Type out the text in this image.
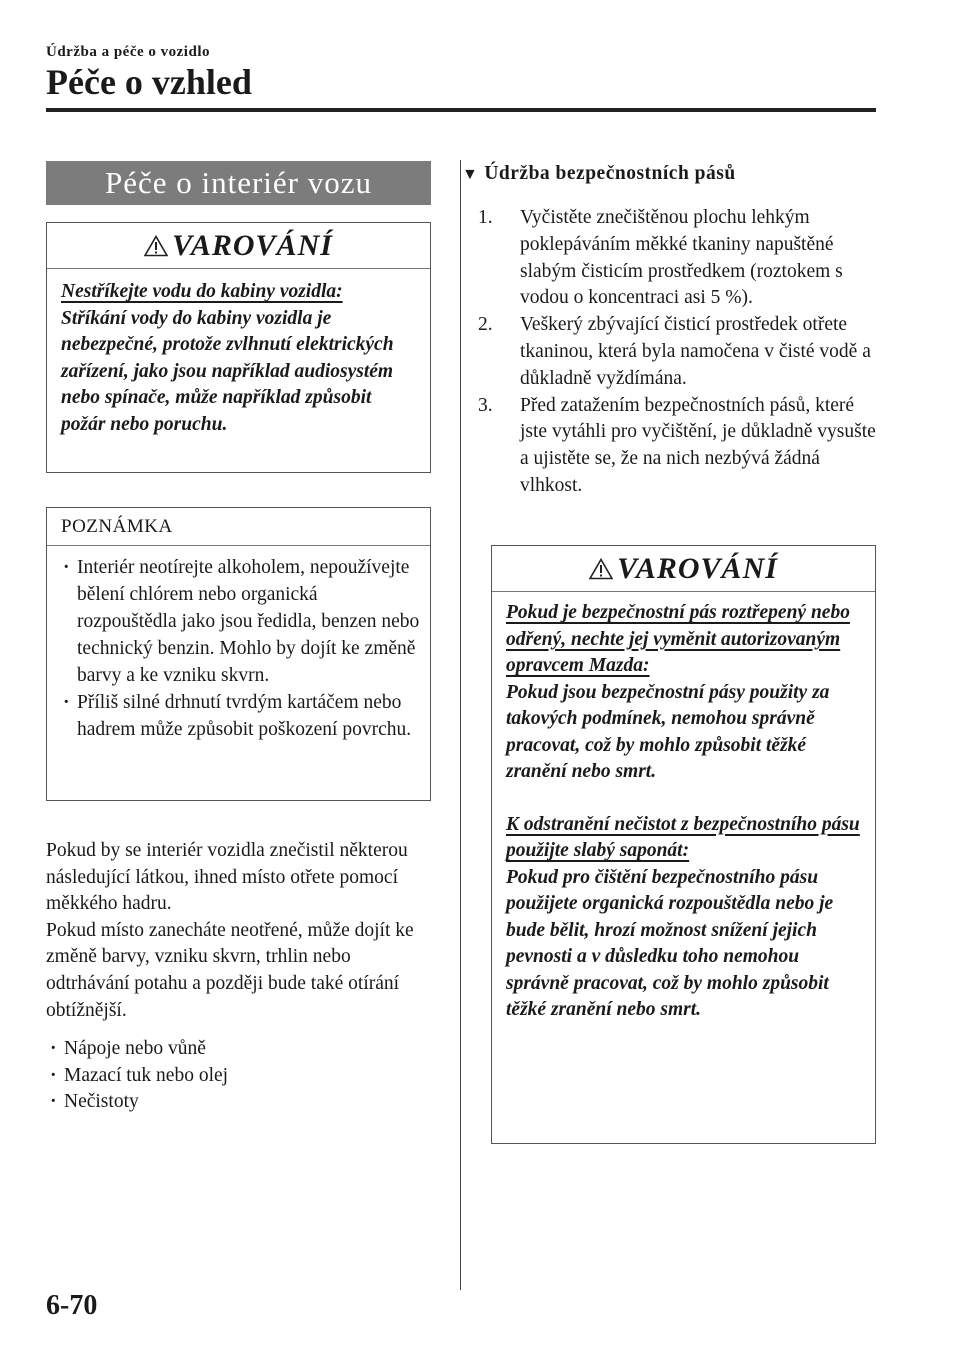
Údržba a péče o vozidlo
Péče o vzhled
Péče o interiér vozu
VAROVÁNÍ
Nestříkejte vodu do kabiny vozidla:
Stříkání vody do kabiny vozidla je nebezpečné, protože zvlhnutí elektrických zařízení, jako jsou například audiosystém nebo spínače, může například způsobit požár nebo poruchu.
POZNÁMKA
· Interiér neotírejte alkoholem, nepoužívejte bělení chlórem nebo organická rozpouštědla jako jsou ředidla, benzen nebo technický benzin. Mohlo by dojít ke změně barvy a ke vzniku skvrn.
· Příliš silné drhnutí tvrdým kartáčem nebo hadrem může způsobit poškození povrchu.

Pokud by se interiér vozidla znečistil některou následující látkou, ihned místo otřete pomocí měkkého hadru.

Pokud místo zanecháte neotřené, může dojít ke změně barvy, vzniku skvrn, trhlin nebo odtrhávání potahu a později bude také otírání obtížnější.

· Nápoje nebo vůně
· Mazací tuk nebo olej
· Nečistoty
▼ Údržba bezpečnostních pásů
1. Vyčistěte znečištěnou plochu lehkým poklepáváním měkké tkaniny napuštěné slabým čisticím prostředkem (roztokem s vodou o koncentraci asi 5 %).
2. Veškerý zbývající čisticí prostředek otřete tkaninou, která byla namočena v čisté vodě a důkladně vyždímána.
3. Před zatažením bezpečnostních pásů, které jste vytáhli pro vyčištění, je důkladně vysušte a ujistěte se, že na nich nezbývá žádná vlhkost.
VAROVÁNÍ
Pokud je bezpečnostní pás roztřepený nebo odřený, nechte jej vyměnit autorizovaným opravcem Mazda:
Pokud jsou bezpečnostní pásy použity za takových podmínek, nemohou správně pracovat, což by mohlo způsobit těžké zranění nebo smrt.
K odstranění nečistot z bezpečnostního pásu použijte slabý saponát:
Pokud pro čištění bezpečnostního pásu použijete organická rozpouštědla nebo je bude bělit, hrozí možnost snížení jejich pevnosti a v důsledku toho nemohou správně pracovat, což by mohlo způsobit těžké zranění nebo smrt.
6-70
